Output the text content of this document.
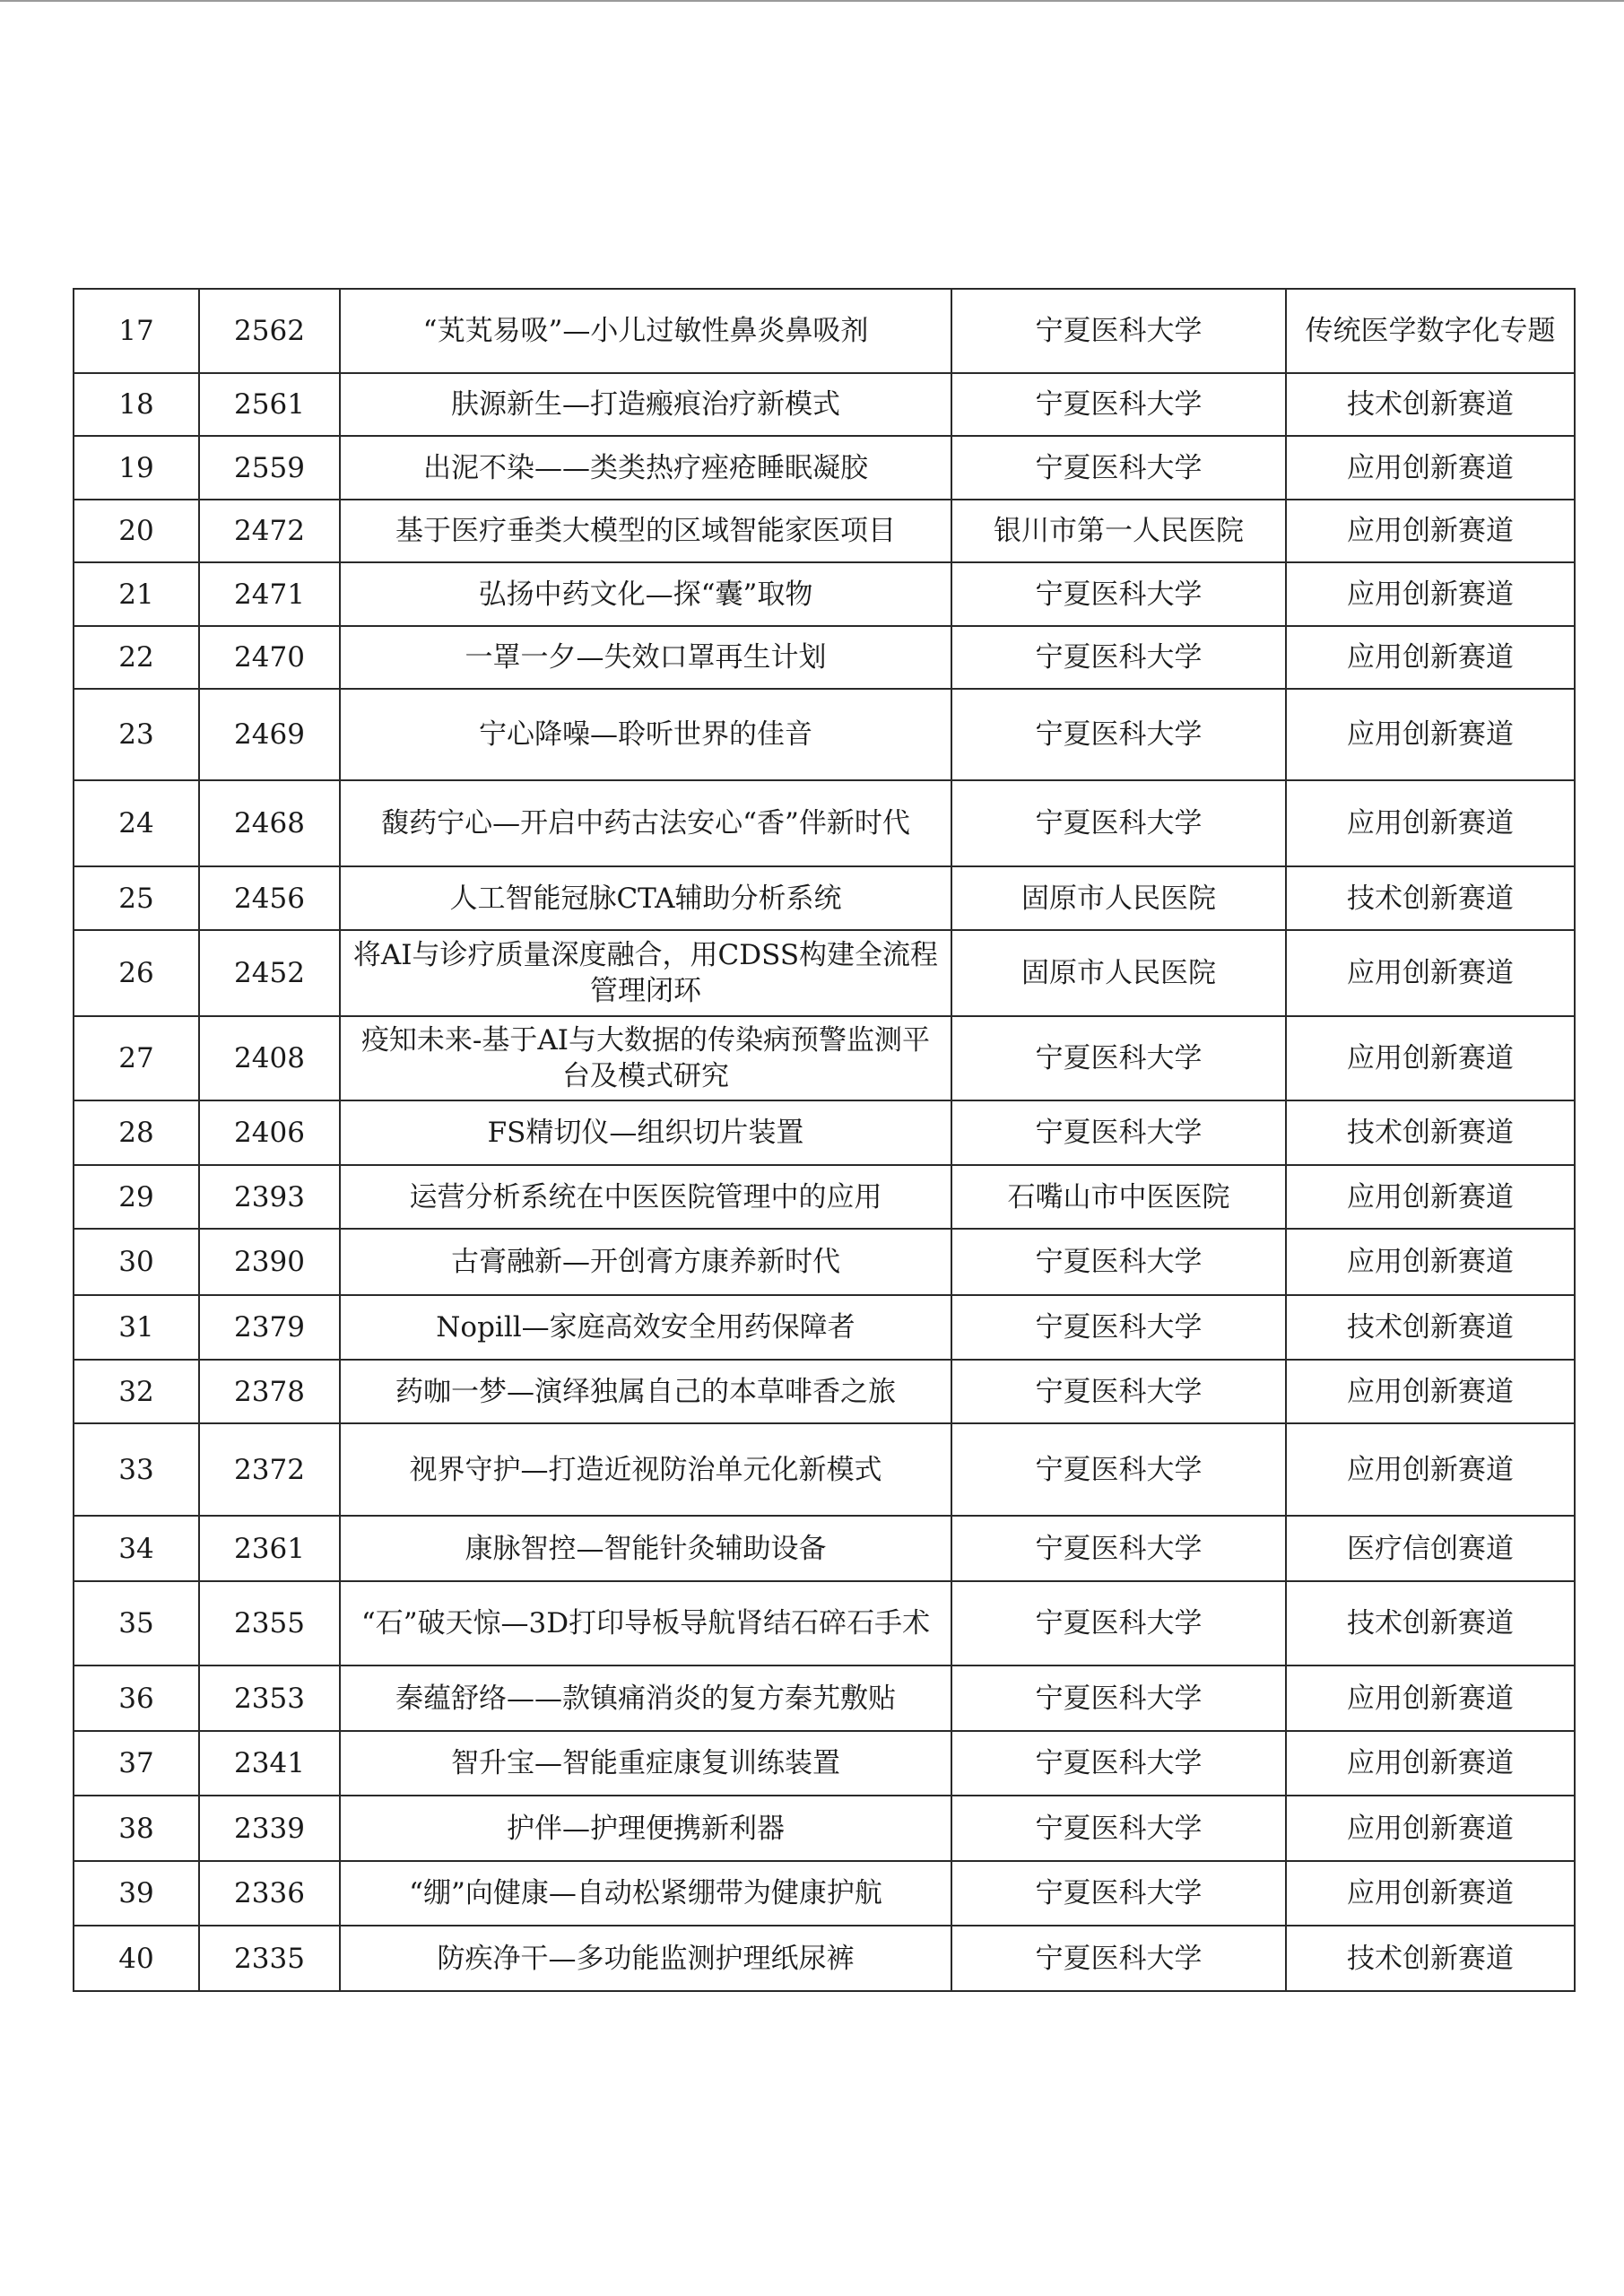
17	2562	“芄芄易吸”—小儿过敏性鼻炎鼻吸剂	宁夏医科大学	传统医学数字化专题
18	2561	肤源新生—打造瘢痕治疗新模式	宁夏医科大学	技术创新赛道
19	2559	出泥不染——类类热疗痤疮睡眠凝胶	宁夏医科大学	应用创新赛道
20	2472	基于医疗垂类大模型的区域智能家医项目	银川市第一人民医院	应用创新赛道
21	2471	弘扬中药文化—探“囊”取物	宁夏医科大学	应用创新赛道
22	2470	一罩一夕—失效口罩再生计划	宁夏医科大学	应用创新赛道
23	2469	宁心降噪—聆听世界的佳音	宁夏医科大学	应用创新赛道
24	2468	馥药宁心—开启中药古法安心“香”伴新时代	宁夏医科大学	应用创新赛道
25	2456	人工智能冠脉CTA辅助分析系统	固原市人民医院	技术创新赛道
26	2452	将AI与诊疗质量深度融合，用CDSS构建全流程管理闭环	固原市人民医院	应用创新赛道
27	2408	疫知未来-基于AI与大数据的传染病预警监测平台及模式研究	宁夏医科大学	应用创新赛道
28	2406	FS精切仪—组织切片装置	宁夏医科大学	技术创新赛道
29	2393	运营分析系统在中医医院管理中的应用	石嘴山市中医医院	应用创新赛道
30	2390	古膏融新—开创膏方康养新时代	宁夏医科大学	应用创新赛道
31	2379	Nopill—家庭高效安全用药保障者	宁夏医科大学	技术创新赛道
32	2378	药咖一梦—演绎独属自己的本草啡香之旅	宁夏医科大学	应用创新赛道
33	2372	视界守护—打造近视防治单元化新模式	宁夏医科大学	应用创新赛道
34	2361	康脉智控—智能针灸辅助设备	宁夏医科大学	医疗信创赛道
35	2355	“石”破天惊—3D打印导板导航肾结石碎石手术	宁夏医科大学	技术创新赛道
36	2353	秦蕴舒络——款镇痛消炎的复方秦艽敷贴	宁夏医科大学	应用创新赛道
37	2341	智升宝—智能重症康复训练装置	宁夏医科大学	应用创新赛道
38	2339	护伴—护理便携新利器	宁夏医科大学	应用创新赛道
39	2336	“绷”向健康—自动松紧绷带为健康护航	宁夏医科大学	应用创新赛道
40	2335	防疾净干—多功能监测护理纸尿裤	宁夏医科大学	技术创新赛道
